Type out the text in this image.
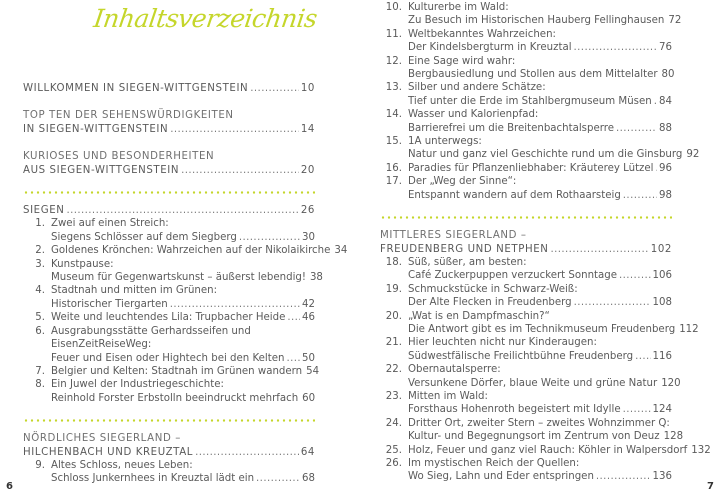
Inhaltsverzeichnis
WILLKOMMEN IN SIEGEN-WITTGENSTEIN .....	10
TOP TEN DER SEHENSWÜRDIGKEITEN
IN SIEGEN-WITTGENSTEIN .....	14
KURIOSES UND BESONDERHEITEN
AUS SIEGEN-WITTGENSTEIN .....	20
SIEGEN .....	26
1. Zwei auf einen Streich:
Siegens Schlösser auf dem Siegberg .....	30
2. Goldenes Krönchen: Wahrzeichen auf der Nikolaikirche 34
3. Kunstpause:
Museum für Gegenwartskunst – äußerst lebendig! 38
4. Stadtnah und mitten im Grünen:
Historischer Tiergarten .....	42
5. Weite und leuchtendes Lila: Trupbacher Heide ..... 46
6. Ausgrabungsstätte Gerhardsseifen und
EisenZeitReiseWeg:
Feuer und Eisen oder Hightech bei den Kelten ..... 50
7. Belgier und Kelten: Stadtnah im Grünen wandern 54
8. Ein Juwel der Industriegeschichte:
Reinhold Forster Erbstolln beeindruckt mehrfach 60
NÖRDLICHES SIEGERLAND –
HILCHENBACH UND KREUZTAL .....	64
9. Altes Schloss, neues Leben:
Schloss Junkernhees in Kreuztal lädt ein .....	68
6
10. Kulturerbe im Wald:
Zu Besuch im Historischen Hauberg Fellinghausen 72
11. Weltbekanntes Wahrzeichen:
Der Kindelsbergturm in Kreuztal .....	76
12. Eine Sage wird wahr:
Bergbausiedlung und Stollen aus dem Mittelalter 80
13. Silber und andere Schätze:
Tief unter die Erde im Stahlbergmuseum Müsen ..... 84
14. Wasser und Kalorienpfad:
Barrierefrei um die Breitenbachtalsperre .....	88
15. 1A unterwegs:
Natur und ganz viel Geschichte rund um die Ginsburg 92
16. Paradies für Pflanzenliebhaber: Kräuterey Lützel ..... 96
17. Der „Weg der Sinne“:
Entspannt wandern auf dem Rothaarsteig .....	98
MITTLERES SIEGERLAND –
FREUDENBERG UND NETPHEN .....	102
18. Süß, süßer, am besten:
Café Zuckerpuppen verzuckert Sonntage .....	106
19. Schmuckstücke in Schwarz-Weiß:
Der Alte Flecken in Freudenberg .....	108
20. „Wat is en Dampfmaschin?“
Die Antwort gibt es im Technikmuseum Freudenberg 112
21. Hier leuchten nicht nur Kinderaugen:
Südwestfälische Freilichtbühne Freudenberg ..... 116
22. Obernautalsperre:
Versunkene Dörfer, blaue Weite und grüne Natur 120
23. Mitten im Wald:
Forsthaus Hohenroth begeistert mit Idylle .....	124
24. Dritter Ort, zweiter Stern – zweites Wohnzimmer Q:
Kultur- und Begegnungsort im Zentrum von Deuz 128
25. Holz, Feuer und ganz viel Rauch: Köhler in Walpersdorf 132
26. Im mystischen Reich der Quellen:
Wo Sieg, Lahn und Eder entspringen .....	136
7
